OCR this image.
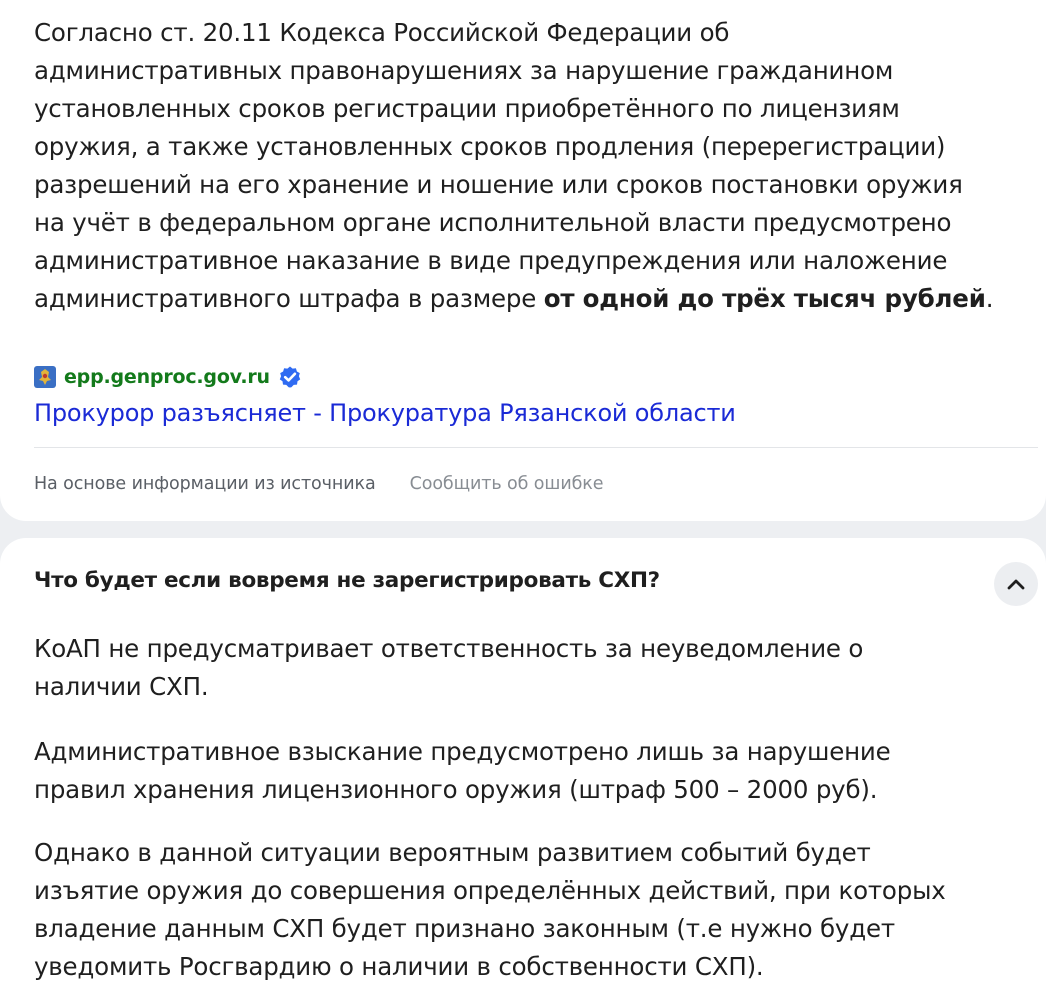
Согласно ст. 20.11 Кодекса Российской Федерации об
административных правонарушениях за нарушение гражданином
установленных сроков регистрации приобретённого по лицензиям
оружия, а также установленных сроков продления (перерегистрации)
разрешений на его хранение и ношение или сроков постановки оружия
на учёт в федеральном органе исполнительной власти предусмотрено
административное наказание в виде предупреждения или наложение
административного штрафа в размере от одной до трёх тысяч рублей.

epp.genproc.gov.ru
Прокурор разъясняет - Прокуратура Рязанской области
На основе информации из источника Сообщить об ошибке
Что будет если вовремя не зарегистрировать СХП?

КоАП не предусматривает ответственность за неуведомление о
наличии СХП.

Административное взыскание предусмотрено лишь за нарушение
правил хранения лицензионного оружия (штраф 500 – 2000 руб).

Однако в данной ситуации вероятным развитием событий будет
изъятие оружия до совершения определённых действий, при которых
владение данным СХП будет признано законным (т.е нужно будет
уведомить Росгвардию о наличии в собственности СХП).
